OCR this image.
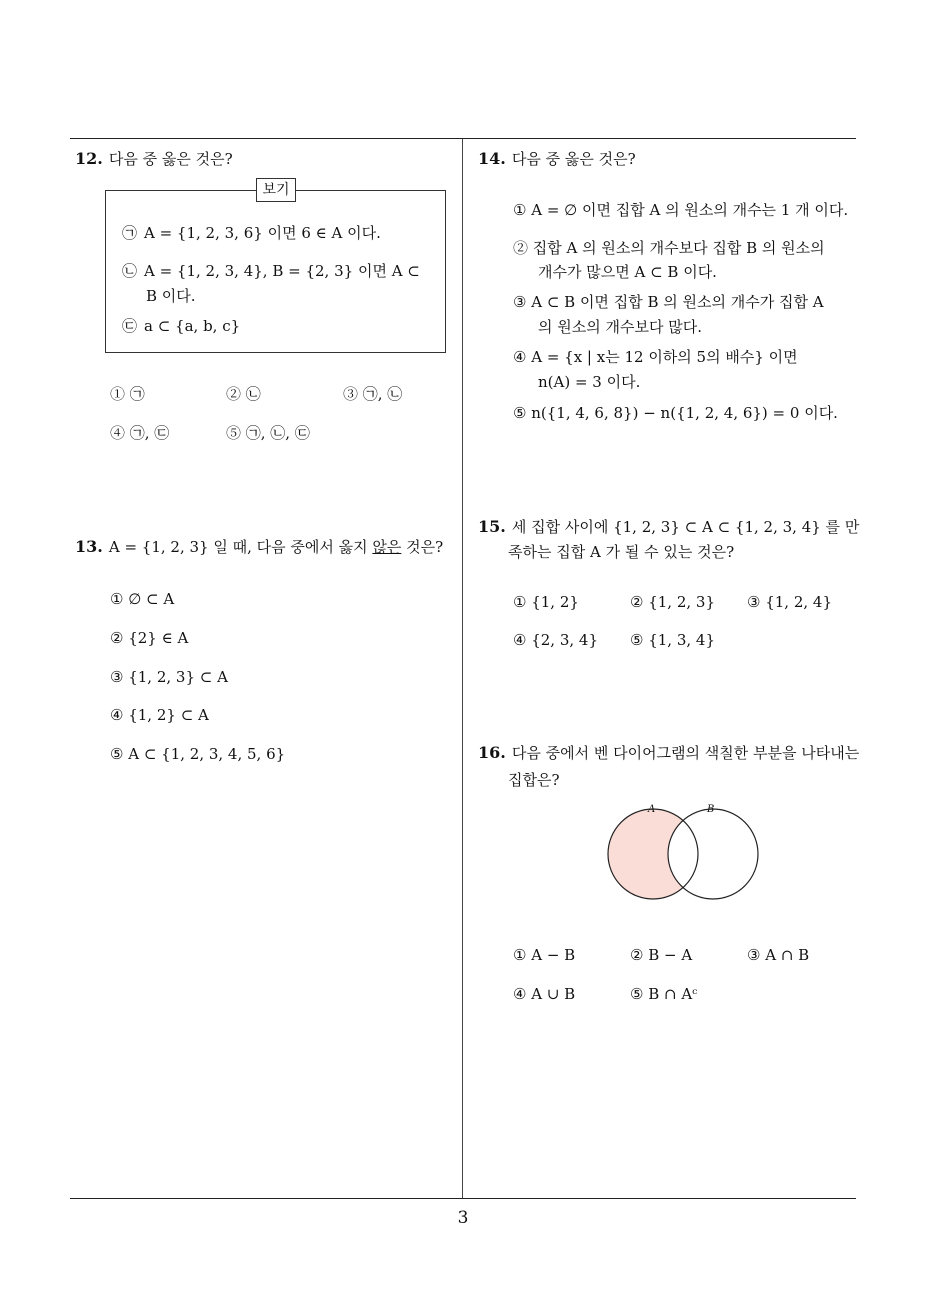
12. 다음 중 옳은 것은?
보기
㉠ A = {1, 2, 3, 6} 이면 6 ∈ A 이다.
㉡ A = {1, 2, 3, 4}, B = {2, 3} 이면 A ⊂
B 이다.
㉢ a ⊂ {a, b, c}
① ㉠	② ㉡	③ ㉠, ㉡
④ ㉠, ㉢	⑤ ㉠, ㉡, ㉢
13. A = {1, 2, 3} 일 때, 다음 중에서 옳지 않은 것은?
① ∅ ⊂ A
② {2} ∈ A
③ {1, 2, 3} ⊂ A
④ {1, 2} ⊂ A
⑤ A ⊂ {1, 2, 3, 4, 5, 6}
14. 다음 중 옳은 것은?
① A = ∅ 이면 집합 A 의 원소의 개수는 1 개 이다.
② 집합 A 의 원소의 개수보다 집합 B 의 원소의
개수가 많으면 A ⊂ B 이다.
③ A ⊂ B 이면 집합 B 의 원소의 개수가 집합 A
의 원소의 개수보다 많다.
④ A = {x | x는 12 이하의 5의 배수} 이면
n(A) = 3 이다.
⑤ n({1, 4, 6, 8}) − n({1, 2, 4, 6}) = 0 이다.
15. 세 집합 사이에 {1, 2, 3} ⊂ A ⊂ {1, 2, 3, 4} 를 만
족하는 집합 A 가 될 수 있는 것은?
① {1, 2}	② {1, 2, 3} ③ {1, 2, 4}
④ {2, 3, 4} ⑤ {1, 3, 4}
16. 다음 중에서 벤 다이어그램의 색칠한 부분을 나타내는
집합은?
A	B
① A − B	② B − A	③ A ∩ B
④ A ∪ B	⑤ B ∩ Aᶜ
3
